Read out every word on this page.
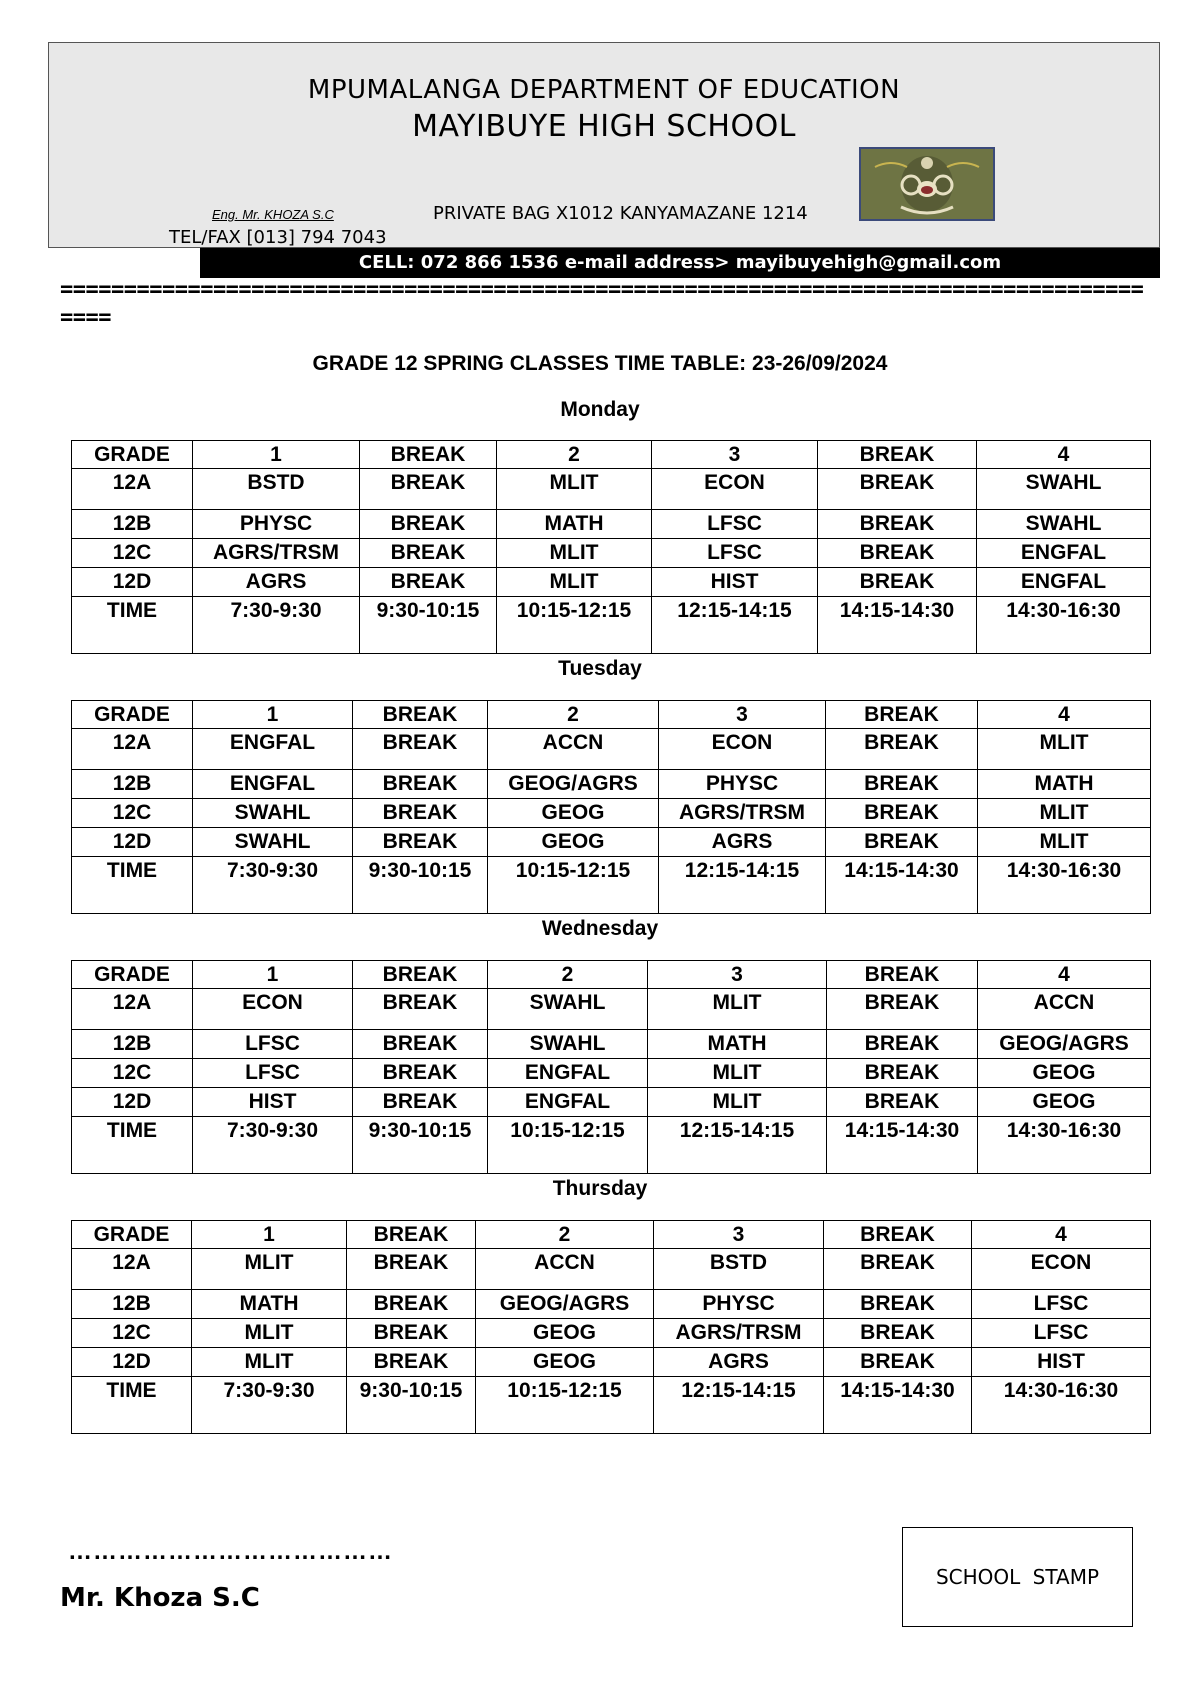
MPUMALANGA DEPARTMENT OF EDUCATION
MAYIBUYE HIGH SCHOOL
Eng. Mr. KHOZA S.C	PRIVATE BAG X1012 KANYAMAZANE 1214
TEL/FAX [013] 794 7043
CELL: 072 866 1536 e-mail address> mayibuyehigh@gmail.com
=========================================================================================
GRADE 12 SPRING CLASSES TIME TABLE: 23-26/09/2024
Monday
GRADE	1	BREAK	2	3	BREAK	4
12A	BSTD	BREAK	MLIT	ECON	BREAK	SWAHL
12B	PHYSC	BREAK	MATH	LFSC	BREAK	SWAHL
12C	AGRS/TRSM	BREAK	MLIT	LFSC	BREAK	ENGFAL
12D	AGRS	BREAK	MLIT	HIST	BREAK	ENGFAL
TIME	7:30-9:30	9:30-10:15	10:15-12:15	12:15-14:15	14:15-14:30	14:30-16:30
Tuesday
GRADE	1	BREAK	2	3	BREAK	4
12A	ENGFAL	BREAK	ACCN	ECON	BREAK	MLIT
12B	ENGFAL	BREAK	GEOG/AGRS	PHYSC	BREAK	MATH
12C	SWAHL	BREAK	GEOG	AGRS/TRSM	BREAK	MLIT
12D	SWAHL	BREAK	GEOG	AGRS	BREAK	MLIT
TIME	7:30-9:30	9:30-10:15	10:15-12:15	12:15-14:15	14:15-14:30	14:30-16:30
Wednesday
GRADE	1	BREAK	2	3	BREAK	4
12A	ECON	BREAK	SWAHL	MLIT	BREAK	ACCN
12B	LFSC	BREAK	SWAHL	MATH	BREAK	GEOG/AGRS
12C	LFSC	BREAK	ENGFAL	MLIT	BREAK	GEOG
12D	HIST	BREAK	ENGFAL	MLIT	BREAK	GEOG
TIME	7:30-9:30	9:30-10:15	10:15-12:15	12:15-14:15	14:15-14:30	14:30-16:30
Thursday
GRADE	1	BREAK	2	3	BREAK	4
12A	MLIT	BREAK	ACCN	BSTD	BREAK	ECON
12B	MATH	BREAK	GEOG/AGRS	PHYSC	BREAK	LFSC
12C	MLIT	BREAK	GEOG	AGRS/TRSM	BREAK	LFSC
12D	MLIT	BREAK	GEOG	AGRS	BREAK	HIST
TIME	7:30-9:30	9:30-10:15	10:15-12:15	12:15-14:15	14:15-14:30	14:30-16:30
…………………………………
Mr. Khoza S.C
SCHOOL STAMP
